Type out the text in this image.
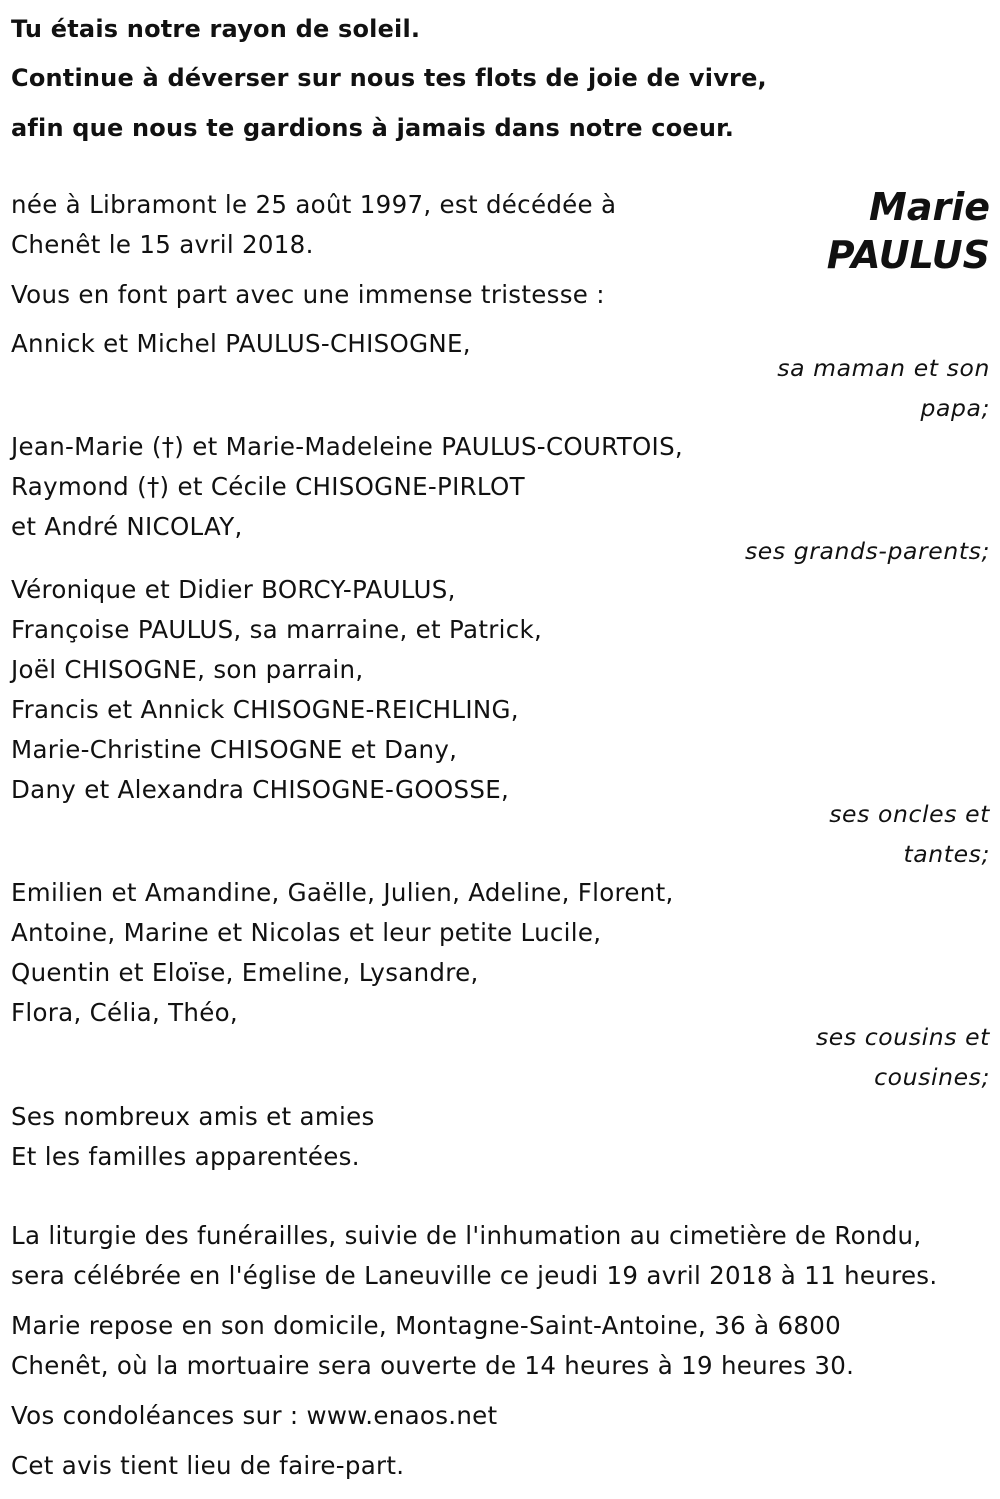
Tu étais notre rayon de soleil.
Continue à déverser sur nous tes flots de joie de vivre,
afin que nous te gardions à jamais dans notre coeur.
Marie
PAULUS
née à Libramont le 25 août 1997, est décédée à
Chenêt le 15 avril 2018.
Vous en font part avec une immense tristesse :
Annick et Michel PAULUS-CHISOGNE,
sa maman et son
papa;
Jean-Marie (†) et Marie-Madeleine PAULUS-COURTOIS,
Raymond (†) et Cécile CHISOGNE-PIRLOT
et André NICOLAY,
ses grands-parents;
Véronique et Didier BORCY-PAULUS,
Françoise PAULUS, sa marraine, et Patrick,
Joël CHISOGNE, son parrain,
Francis et Annick CHISOGNE-REICHLING,
Marie-Christine CHISOGNE et Dany,
Dany et Alexandra CHISOGNE-GOOSSE,
ses oncles et
tantes;
Emilien et Amandine, Gaëlle, Julien, Adeline, Florent,
Antoine, Marine et Nicolas et leur petite Lucile,
Quentin et Eloïse, Emeline, Lysandre,
Flora, Célia, Théo,
ses cousins et
cousines;
Ses nombreux amis et amies
Et les familles apparentées.
La liturgie des funérailles, suivie de l'inhumation au cimetière de Rondu,
sera célébrée en l'église de Laneuville ce jeudi 19 avril 2018 à 11 heures.
Marie repose en son domicile, Montagne-Saint-Antoine, 36 à 6800
Chenêt, où la mortuaire sera ouverte de 14 heures à 19 heures 30.
Vos condoléances sur : www.enaos.net
Cet avis tient lieu de faire-part.
